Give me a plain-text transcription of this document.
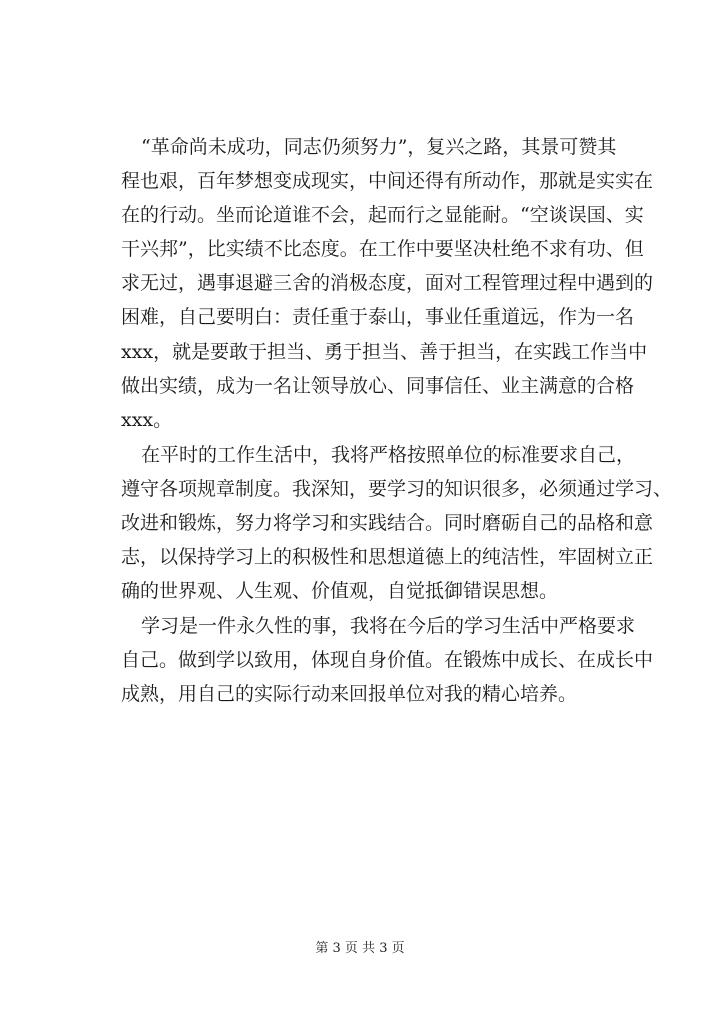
“革命尚未成功，同志仍须努力”，复兴之路，其景可赞其
程也艰，百年梦想变成现实，中间还得有所动作，那就是实实在
在的行动。坐而论道谁不会，起而行之显能耐。“空谈误国、实
干兴邦”，比实绩不比态度。在工作中要坚决杜绝不求有功、但
求无过，遇事退避三舍的消极态度，面对工程管理过程中遇到的
困难，自己要明白：责任重于泰山，事业任重道远，作为一名
xxx，就是要敢于担当、勇于担当、善于担当，在实践工作当中
做出实绩，成为一名让领导放心、同事信任、业主满意的合格
xxx。
在平时的工作生活中，我将严格按照单位的标准要求自己，
遵守各项规章制度。我深知，要学习的知识很多，必须通过学习、
改进和锻炼，努力将学习和实践结合。同时磨砺自己的品格和意
志，以保持学习上的积极性和思想道德上的纯洁性，牢固树立正
确的世界观、人生观、价值观，自觉抵御错误思想。
学习是一件永久性的事，我将在今后的学习生活中严格要求
自己。做到学以致用，体现自身价值。在锻炼中成长、在成长中
成熟，用自己的实际行动来回报单位对我的精心培养。
第 3 页 共 3 页
